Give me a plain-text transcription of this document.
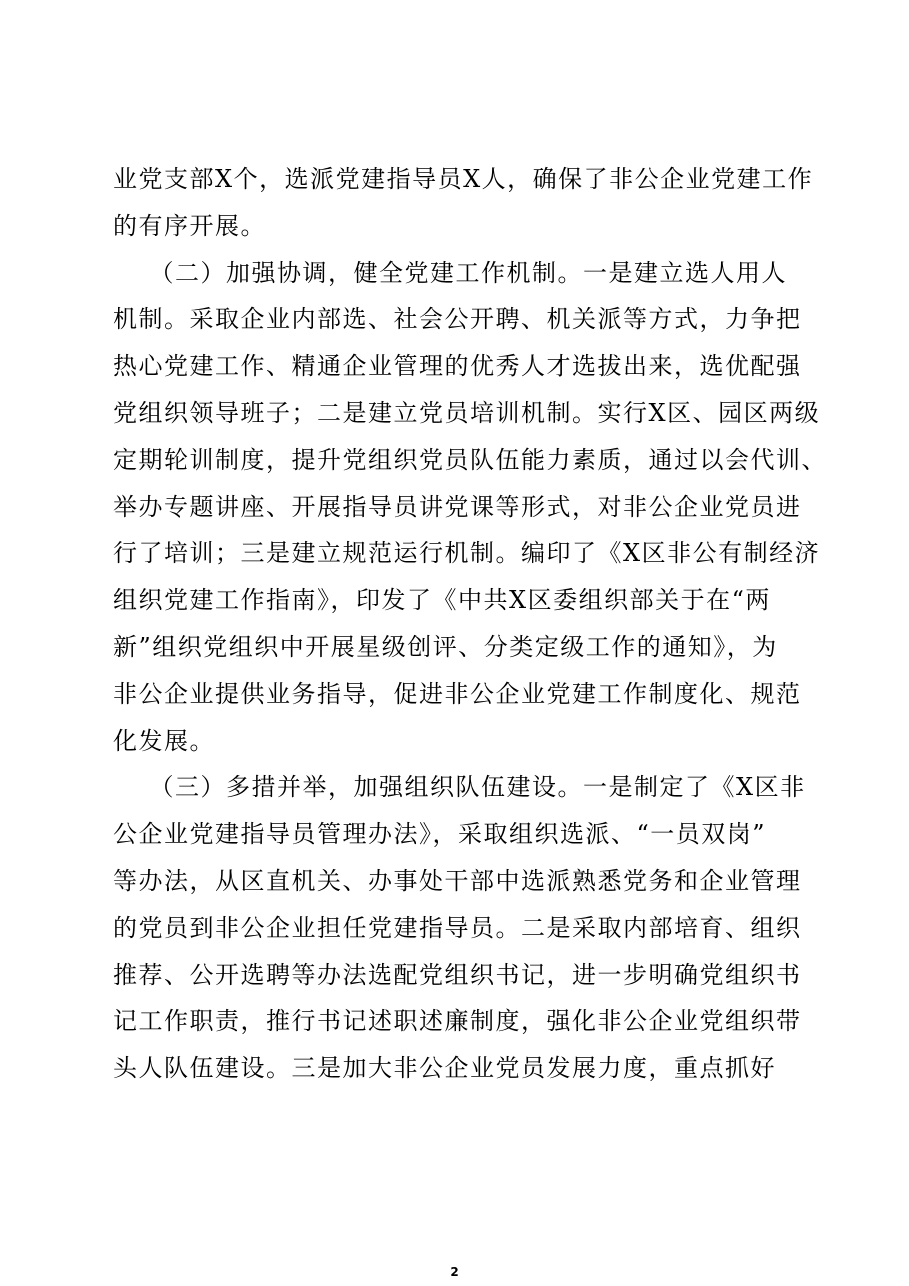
业党支部X个，选派党建指导员X人，确保了非公企业党建工作
的有序开展。
（二）加强协调，健全党建工作机制。一是建立选人用人
机制。采取企业内部选、社会公开聘、机关派等方式，力争把
热心党建工作、精通企业管理的优秀人才选拔出来，选优配强
党组织领导班子；二是建立党员培训机制。实行X区、园区两级
定期轮训制度，提升党组织党员队伍能力素质，通过以会代训、
举办专题讲座、开展指导员讲党课等形式，对非公企业党员进
行了培训；三是建立规范运行机制。编印了《X区非公有制经济
组织党建工作指南》，印发了《中共X区委组织部关于在“两
新”组织党组织中开展星级创评、分类定级工作的通知》，为
非公企业提供业务指导，促进非公企业党建工作制度化、规范
化发展。
（三）多措并举，加强组织队伍建设。一是制定了《X区非
公企业党建指导员管理办法》，采取组织选派、“一员双岗”
等办法，从区直机关、办事处干部中选派熟悉党务和企业管理
的党员到非公企业担任党建指导员。二是采取内部培育、组织
推荐、公开选聘等办法选配党组织书记，进一步明确党组织书
记工作职责，推行书记述职述廉制度，强化非公企业党组织带
头人队伍建设。三是加大非公企业党员发展力度，重点抓好
2
